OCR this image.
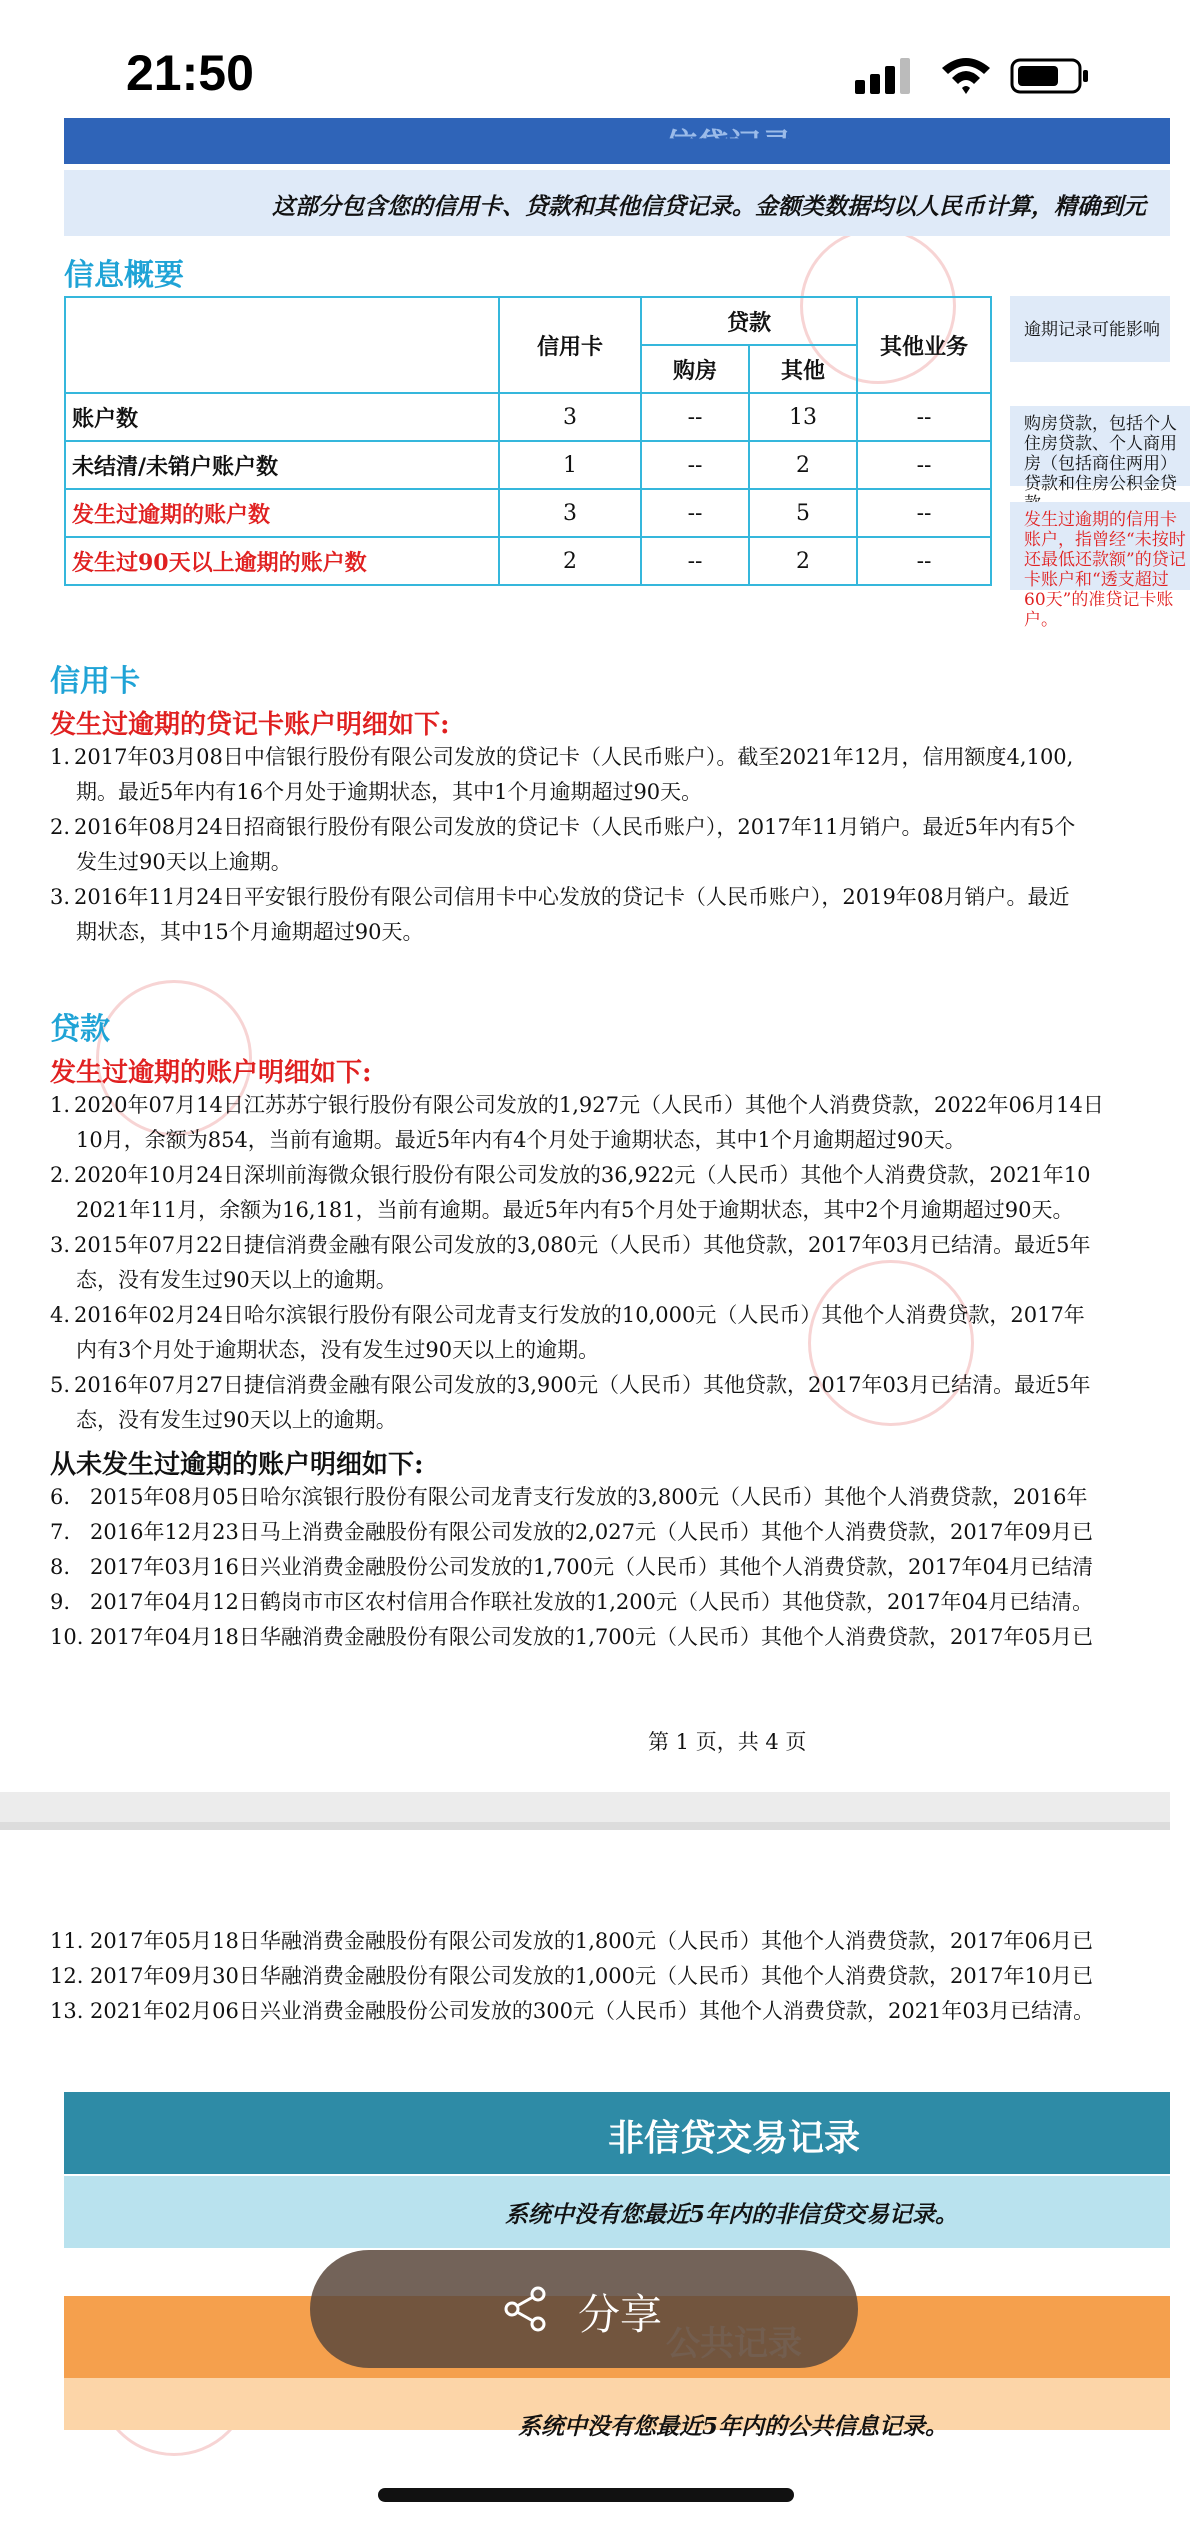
21:50
这部分包含您的信用卡、贷款和其他信贷记录。金额类数据均以人民币计算，精确到元
信息概要
	信用卡	贷款		其他业务
		购房	其他	
账户数	3	--	13	--
未结清/未销户账户数	1	--	2	--
发生过逾期的账户数	3	--	5	--
发生过90天以上逾期的账户数	2	--	2	--
逾期记录可能影响
购房贷款，包括个人住房贷款、个人商用房（包括商住两用）贷款和住房公积金贷
发生过逾期的信用卡账户，指曾经“未按时还最低还款额”的贷记卡账户和“透支超过60天”的准贷记卡账户。
信用卡
发生过逾期的贷记卡账户明细如下:
1. 2017年03月08日中信银行股份有限公司发放的贷记卡（人民币账户）。截至2021年12月，信用额度4,100,
期。最近5年内有16个月处于逾期状态，其中1个月逾期超过90天。
2. 2016年08月24日招商银行股份有限公司发放的贷记卡（人民币账户），2017年11月销户。最近5年内有5个
发生过90天以上逾期。
3. 2016年11月24日平安银行股份有限公司信用卡中心发放的贷记卡（人民币账户），2019年08月销户。最近
期状态，其中15个月逾期超过90天。
贷款
发生过逾期的账户明细如下:
1. 2020年07月14日江苏苏宁银行股份有限公司发放的1,927元（人民币）其他个人消费贷款，2022年06月14日
10月，余额为854，当前有逾期。最近5年内有4个月处于逾期状态，其中1个月逾期超过90天。
2. 2020年10月24日深圳前海微众银行股份有限公司发放的36,922元（人民币）其他个人消费贷款，2021年10
2021年11月，余额为16,181，当前有逾期。最近5年内有5个月处于逾期状态，其中2个月逾期超过90天。
3. 2015年07月22日捷信消费金融有限公司发放的3,080元（人民币）其他贷款，2017年03月已结清。最近5年
态，没有发生过90天以上的逾期。
4. 2016年02月24日哈尔滨银行股份有限公司龙青支行发放的10,000元（人民币）其他个人消费贷款，2017年
内有3个月处于逾期状态，没有发生过90天以上的逾期。
5. 2016年07月27日捷信消费金融有限公司发放的3,900元（人民币）其他贷款，2017年03月已结清。最近5年
态，没有发生过90天以上的逾期。
从未发生过逾期的账户明细如下:
6. 2015年08月05日哈尔滨银行股份有限公司龙青支行发放的3,800元（人民币）其他个人消费贷款，2016年
7. 2016年12月23日马上消费金融股份有限公司发放的2,027元（人民币）其他个人消费贷款，2017年09月已
8. 2017年03月16日兴业消费金融股份公司发放的1,700元（人民币）其他个人消费贷款，2017年04月已结清
9. 2017年04月12日鹤岗市市区农村信用合作联社发放的1,200元（人民币）其他贷款，2017年04月已结清。
10. 2017年04月18日华融消费金融股份有限公司发放的1,700元（人民币）其他个人消费贷款，2017年05月已
第 1 页，共 4 页
11. 2017年05月18日华融消费金融股份有限公司发放的1,800元（人民币）其他个人消费贷款，2017年06月已
12. 2017年09月30日华融消费金融股份有限公司发放的1,000元（人民币）其他个人消费贷款，2017年10月已
13. 2021年02月06日兴业消费金融股份公司发放的300元（人民币）其他个人消费贷款，2021年03月已结清。
非信贷交易记录
系统中没有您最近5年内的非信贷交易记录。
系统中没有您最近5年内的公共信息记录。
分享
